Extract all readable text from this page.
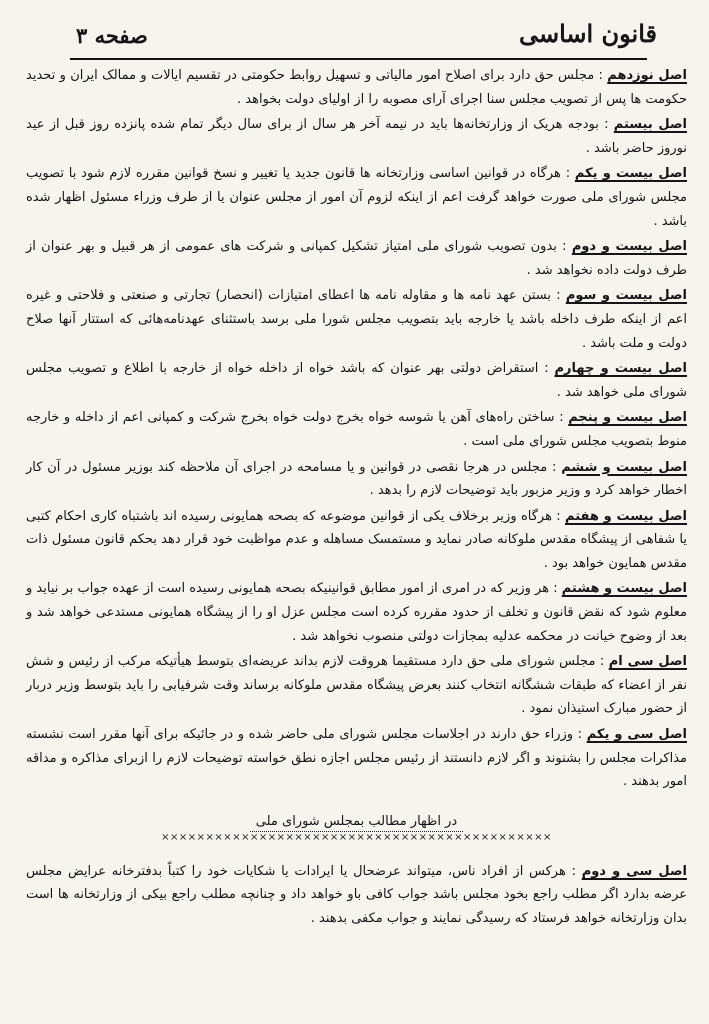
قانون اساسی
صفحه ۳

اصل نوزدهم : مجلس حق دارد برای اصلاح امور مالیاتی و تسهیل روابط حکومتی در تقسیم ایالات و ممالک ایران و تحدید حکومت ها پس از تصویب مجلس سنا اجرای آرای مصوبه را از اولیای دولت بخواهد .

اصل بیستم : بودجه هریک از وزارتخانه‌ها باید در نیمه آخر هر سال از برای سال دیگر تمام شده پانزده روز قبل از عید نوروز حاضر باشد .

اصل بیست و یکم : هرگاه در قوانین اساسی وزارتخانه ها قانون جدید یا تغییر و نسخ قوانین مقرره لازم شود با تصویب مجلس شورای ملی صورت خواهد گرفت اعم از اینکه لزوم آن امور از مجلس عنوان یا از طرف وزراء مسئول اظهار شده باشد .

اصل بیست و دوم : بدون تصویب شورای ملی امتیاز تشکیل کمپانی و شرکت های عمومی از هر قبیل و بهر عنوان از طرف دولت داده نخواهد شد .

اصل بیست و سوم : بستن عهد نامه ها و مقاوله نامه ها اعطای امتیازات (انحصار) تجارتی و صنعتی و فلاحتی و غیره اعم از اینکه طرف داخله باشد یا خارجه باید بتصویب مجلس شورا ملی برسد باستثنای عهدنامه‌هائی که استتار آنها صلاح دولت و ملت باشد .

اصل بیست و چهارم : استقراض دولتی بهر عنوان که باشد خواه از داخله خواه از خارجه با اطلاع و تصویب مجلس شورای ملی خواهد شد .

اصل بیست و پنجم : ساختن راه‌های آهن یا شوسه خواه بخرج دولت خواه بخرج شرکت و کمپانی اعم از داخله و خارجه منوط بتصویب مجلس شورای ملی است .

اصل بیست و ششم : مجلس در هرجا نقصی در قوانین و یا مسامحه در اجرای آن ملاحظه کند بوزیر مسئول در آن کار اخطار خواهد کرد و وزیر مزبور باید توضیحات لازم را بدهد .

اصل بیست و هفتم : هرگاه وزیر برخلاف یکی از قوانین موضوعه که بصحه همایونی رسیده اند باشتباه کاری احکام کتبی یا شفاهی از پیشگاه مقدس ملوکانه صادر نماید و مستمسک مساهله و عدم مواظبت خود قرار دهد بحکم قانون مسئول ذات مقدس همایون خواهد بود .

اصل بیست و هشتم : هر وزیر که در امری از امور مطابق قوانینیکه بصحه همایونی رسیده است از عهده جواب بر نیاید و معلوم شود که نقض قانون و تخلف از حدود مقرره کرده است مجلس عزل او را از پیشگاه همایونی مستدعی خواهد شد و بعد از وضوح خیانت در محکمه عدلیه بمجازات دولتی منصوب نخواهد شد .

اصل سی ام : مجلس شورای ملی حق دارد مستقیما هروقت لازم بداند عریضه‌ای بتوسط هیأتیکه مرکب از رئیس و شش نفر از اعضاء که طبقات ششگانه انتخاب کنند بعرض پیشگاه مقدس ملوکانه برساند وقت شرفیابی را باید بتوسط وزیر دربار از حضور مبارک استیذان نمود .

اصل سی و یکم : وزراء حق دارند در اجلاسات مجلس شورای ملی حاضر شده و در جائیکه برای آنها مقرر است نشسته مذاکرات مجلس را بشنوند و اگر لازم دانستند از رئیس مجلس اجازه نطق خواسته توضیحات لازم را ازبرای مذاکره و مداقه امور بدهند .

در اظهار مطالب بمجلس شورای ملی
××××××××××××××××××××××××××××××××××××××××××××

اصل سی و دوم : هرکس از افراد ناس، میتواند عرضحال یا ایرادات یا شکایات خود را کتباً بدفترخانه عرایض مجلس عرضه بدارد اگر مطلب راجع بخود مجلس باشد جواب کافی باو خواهد داد و چنانچه مطلب راجع بیکی از وزارتخانه ها است بدان وزارتخانه خواهد فرستاد که رسیدگی نمایند و جواب مکفی بدهند .
